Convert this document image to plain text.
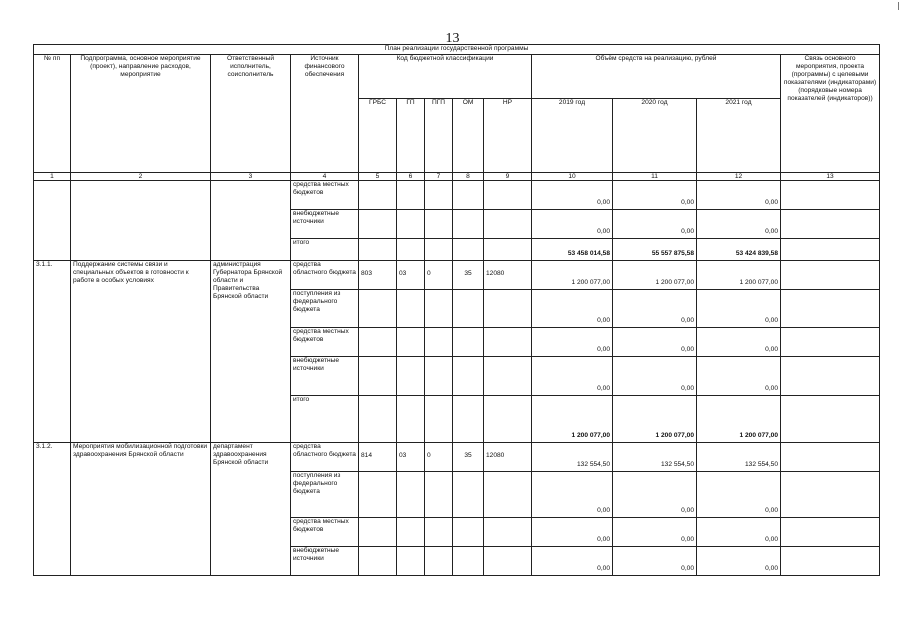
13
План реализации государственной программы												
№ пп	Подпрограмма, основное мероприятие (проект), направление расходов, мероприятие	Ответственный исполнитель, соисполнитель	Источник финансового обеспечения	Код бюджетной классификации					Объём средств на реализацию, рублей			Связь основного мероприятия, проекта (программы) с целевыми показателями (индикаторами) (порядковые номера показателей (индикаторов))
				ГРБС	ГП	ПГП	ОМ	НР	2019 год	2020 год	2021 год	
1	2	3	4	5	6	7	8	9	10	11	12	13
			средства местных бюджетов						0,00	0,00	0,00	
			внебюджетные источники						0,00	0,00	0,00	
			итого						53 458 014,58	55 557 875,58	53 424 839,58	
3.1.1.	Поддержание системы связи и специальных объектов в готовности к работе в особых условиях	администрация Губернатора Брянской области и Правительства Брянской области	средства областного бюджета	803	03	0	35	12080	1 200 077,00	1 200 077,00	1 200 077,00	
			поступления из федерального бюджета						0,00	0,00	0,00	
			средства местных бюджетов						0,00	0,00	0,00	
			внебюджетные источники						0,00	0,00	0,00	
			итого						1 200 077,00	1 200 077,00	1 200 077,00	
3.1.2.	Мероприятия мобилизационной подготовки здравоохранения Брянской области	департамент здравоохранения Брянской области	средства областного бюджета	814	03	0	35	12080	132 554,50	132 554,50	132 554,50	
			поступления из федерального бюджета						0,00	0,00	0,00	
			средства местных бюджетов						0,00	0,00	0,00	
			внебюджетные источники						0,00	0,00	0,00	
